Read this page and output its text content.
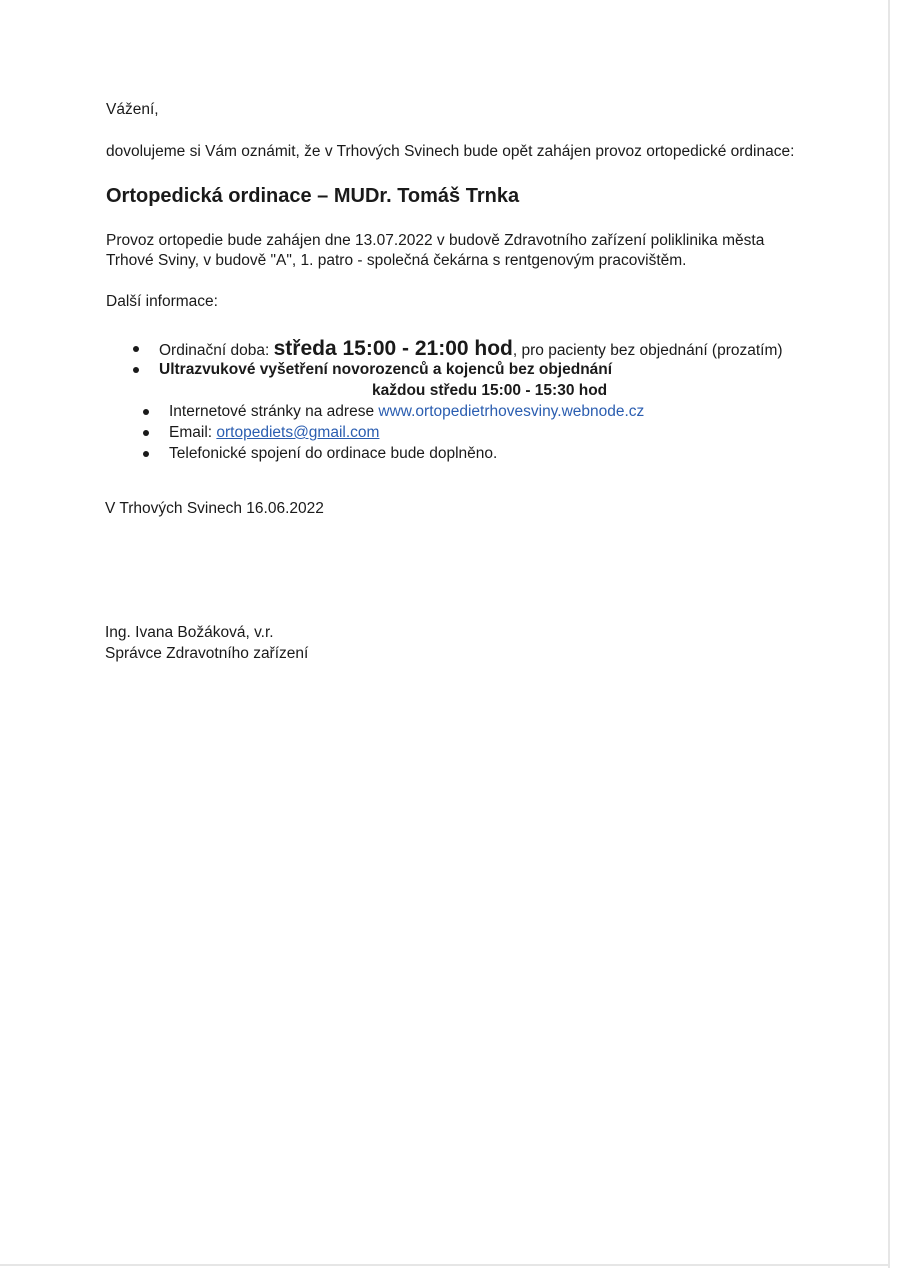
Vážení,
dovolujeme si Vám oznámit, že v Trhových Svinech bude opět zahájen provoz ortopedické ordinace:
Ortopedická ordinace – MUDr. Tomáš Trnka
Provoz ortopedie bude zahájen dne 13.07.2022 v budově Zdravotního zařízení poliklinika města
Trhové Sviny, v budově "A", 1. patro - společná čekárna s rentgenovým pracovištěm.
Další informace:
Ordinační doba: středa 15:00 - 21:00 hod, pro pacienty bez objednání (prozatím)
Ultrazvukové vyšetření novorozenců a kojenců bez objednání
každou středu 15:00 - 15:30 hod
Internetové stránky na adrese www.ortopedietrhovesviny.webnode.cz
Email: ortopediets@gmail.com
Telefonické spojení do ordinace bude doplněno.
V Trhových Svinech 16.06.2022
Ing. Ivana Božáková, v.r.
Správce Zdravotního zařízení
